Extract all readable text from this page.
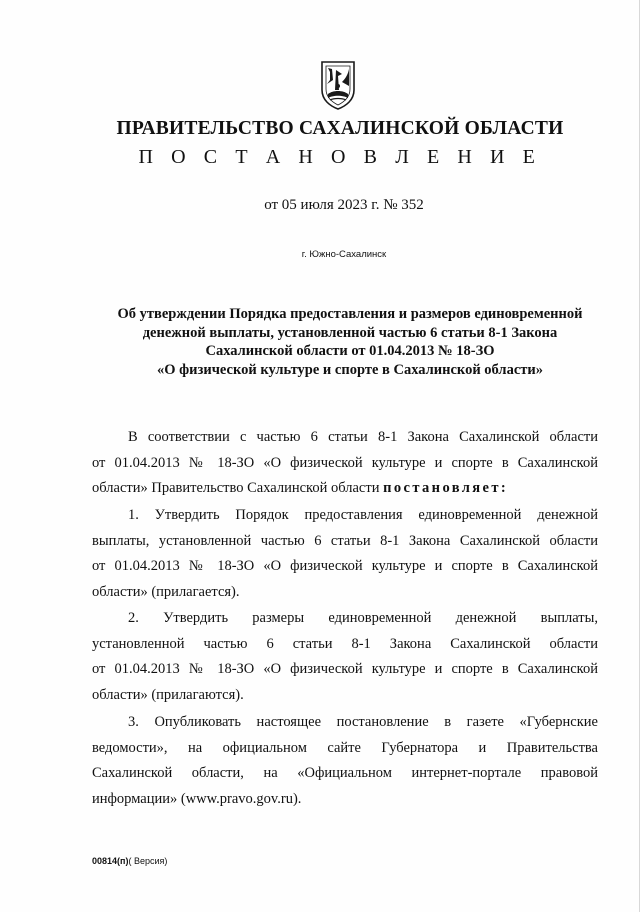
ПРАВИТЕЛЬСТВО САХАЛИНСКОЙ ОБЛАСТИ
П О С Т А Н О В Л Е Н И Е
от 05 июля 2023 г. № 352
г. Южно-Сахалинск
Об утверждении Порядка предоставления и размеров единовременной
денежной выплаты, установленной частью 6 статьи 8-1 Закона
Сахалинской области от 01.04.2013 № 18-ЗО
«О физической культуре и спорте в Сахалинской области»
В соответствии с частью 6 статьи 8-1 Закона Сахалинской области
от 01.04.2013 № 18-ЗО «О физической культуре и спорте в Сахалинской
области» Правительство Сахалинской области постановляет:
1. Утвердить Порядок предоставления единовременной денежной
выплаты, установленной частью 6 статьи 8-1 Закона Сахалинской области
от 01.04.2013 № 18-ЗО «О физической культуре и спорте в Сахалинской
области» (прилагается).
2. Утвердить размеры единовременной денежной выплаты,
установленной частью 6 статьи 8-1 Закона Сахалинской области
от 01.04.2013 № 18-ЗО «О физической культуре и спорте в Сахалинской
области» (прилагаются).
3. Опубликовать настоящее постановление в газете «Губернские
ведомости», на официальном сайте Губернатора и Правительства
Сахалинской области, на «Официальном интернет-портале правовой
информации» (www.pravo.gov.ru).
00814(п)( Версия)
